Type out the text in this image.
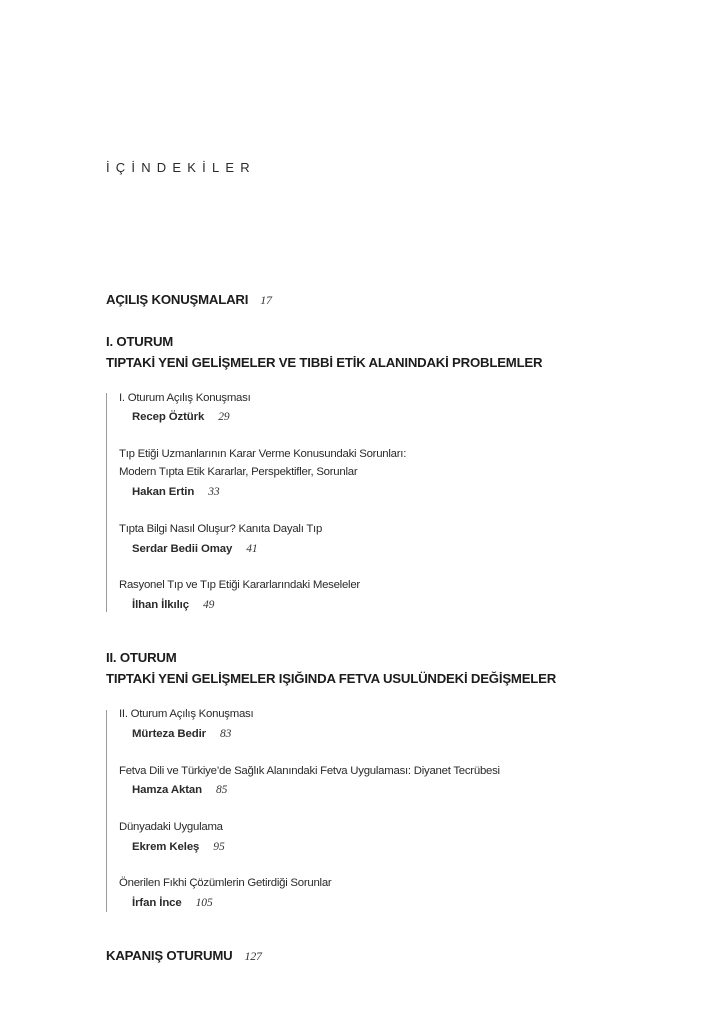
İÇİNDEKİLER
AÇILIŞ KONUŞMALARI 17
I. OTURUM
TIPTAKİ YENİ GELİŞMELER VE TIBBİ ETİK ALANINDAKİ PROBLEMLER
I. Oturum Açılış Konuşması
Recep Öztürk 29
Tıp Etiği Uzmanlarının Karar Verme Konusundaki Sorunları:
Modern Tıpta Etik Kararlar, Perspektifler, Sorunlar
Hakan Ertin 33
Tıpta Bilgi Nasıl Oluşur? Kanıta Dayalı Tıp
Serdar Bedii Omay 41
Rasyonel Tıp ve Tıp Etiği Kararlarındaki Meseleler
İlhan İlkılıç 49
II. OTURUM
TIPTAKİ YENİ GELİŞMELER IŞIĞINDA FETVA USULÜNDEKİ DEĞİŞMELER
II. Oturum Açılış Konuşması
Mürteza Bedir 83
Fetva Dili ve Türkiye’de Sağlık Alanındaki Fetva Uygulaması: Diyanet Tecrübesi
Hamza Aktan 85
Dünyadaki Uygulama
Ekrem Keleş 95
Önerilen Fıkhi Çözümlerin Getirdiği Sorunlar
İrfan İnce 105
KAPANIŞ OTURUMU 127
